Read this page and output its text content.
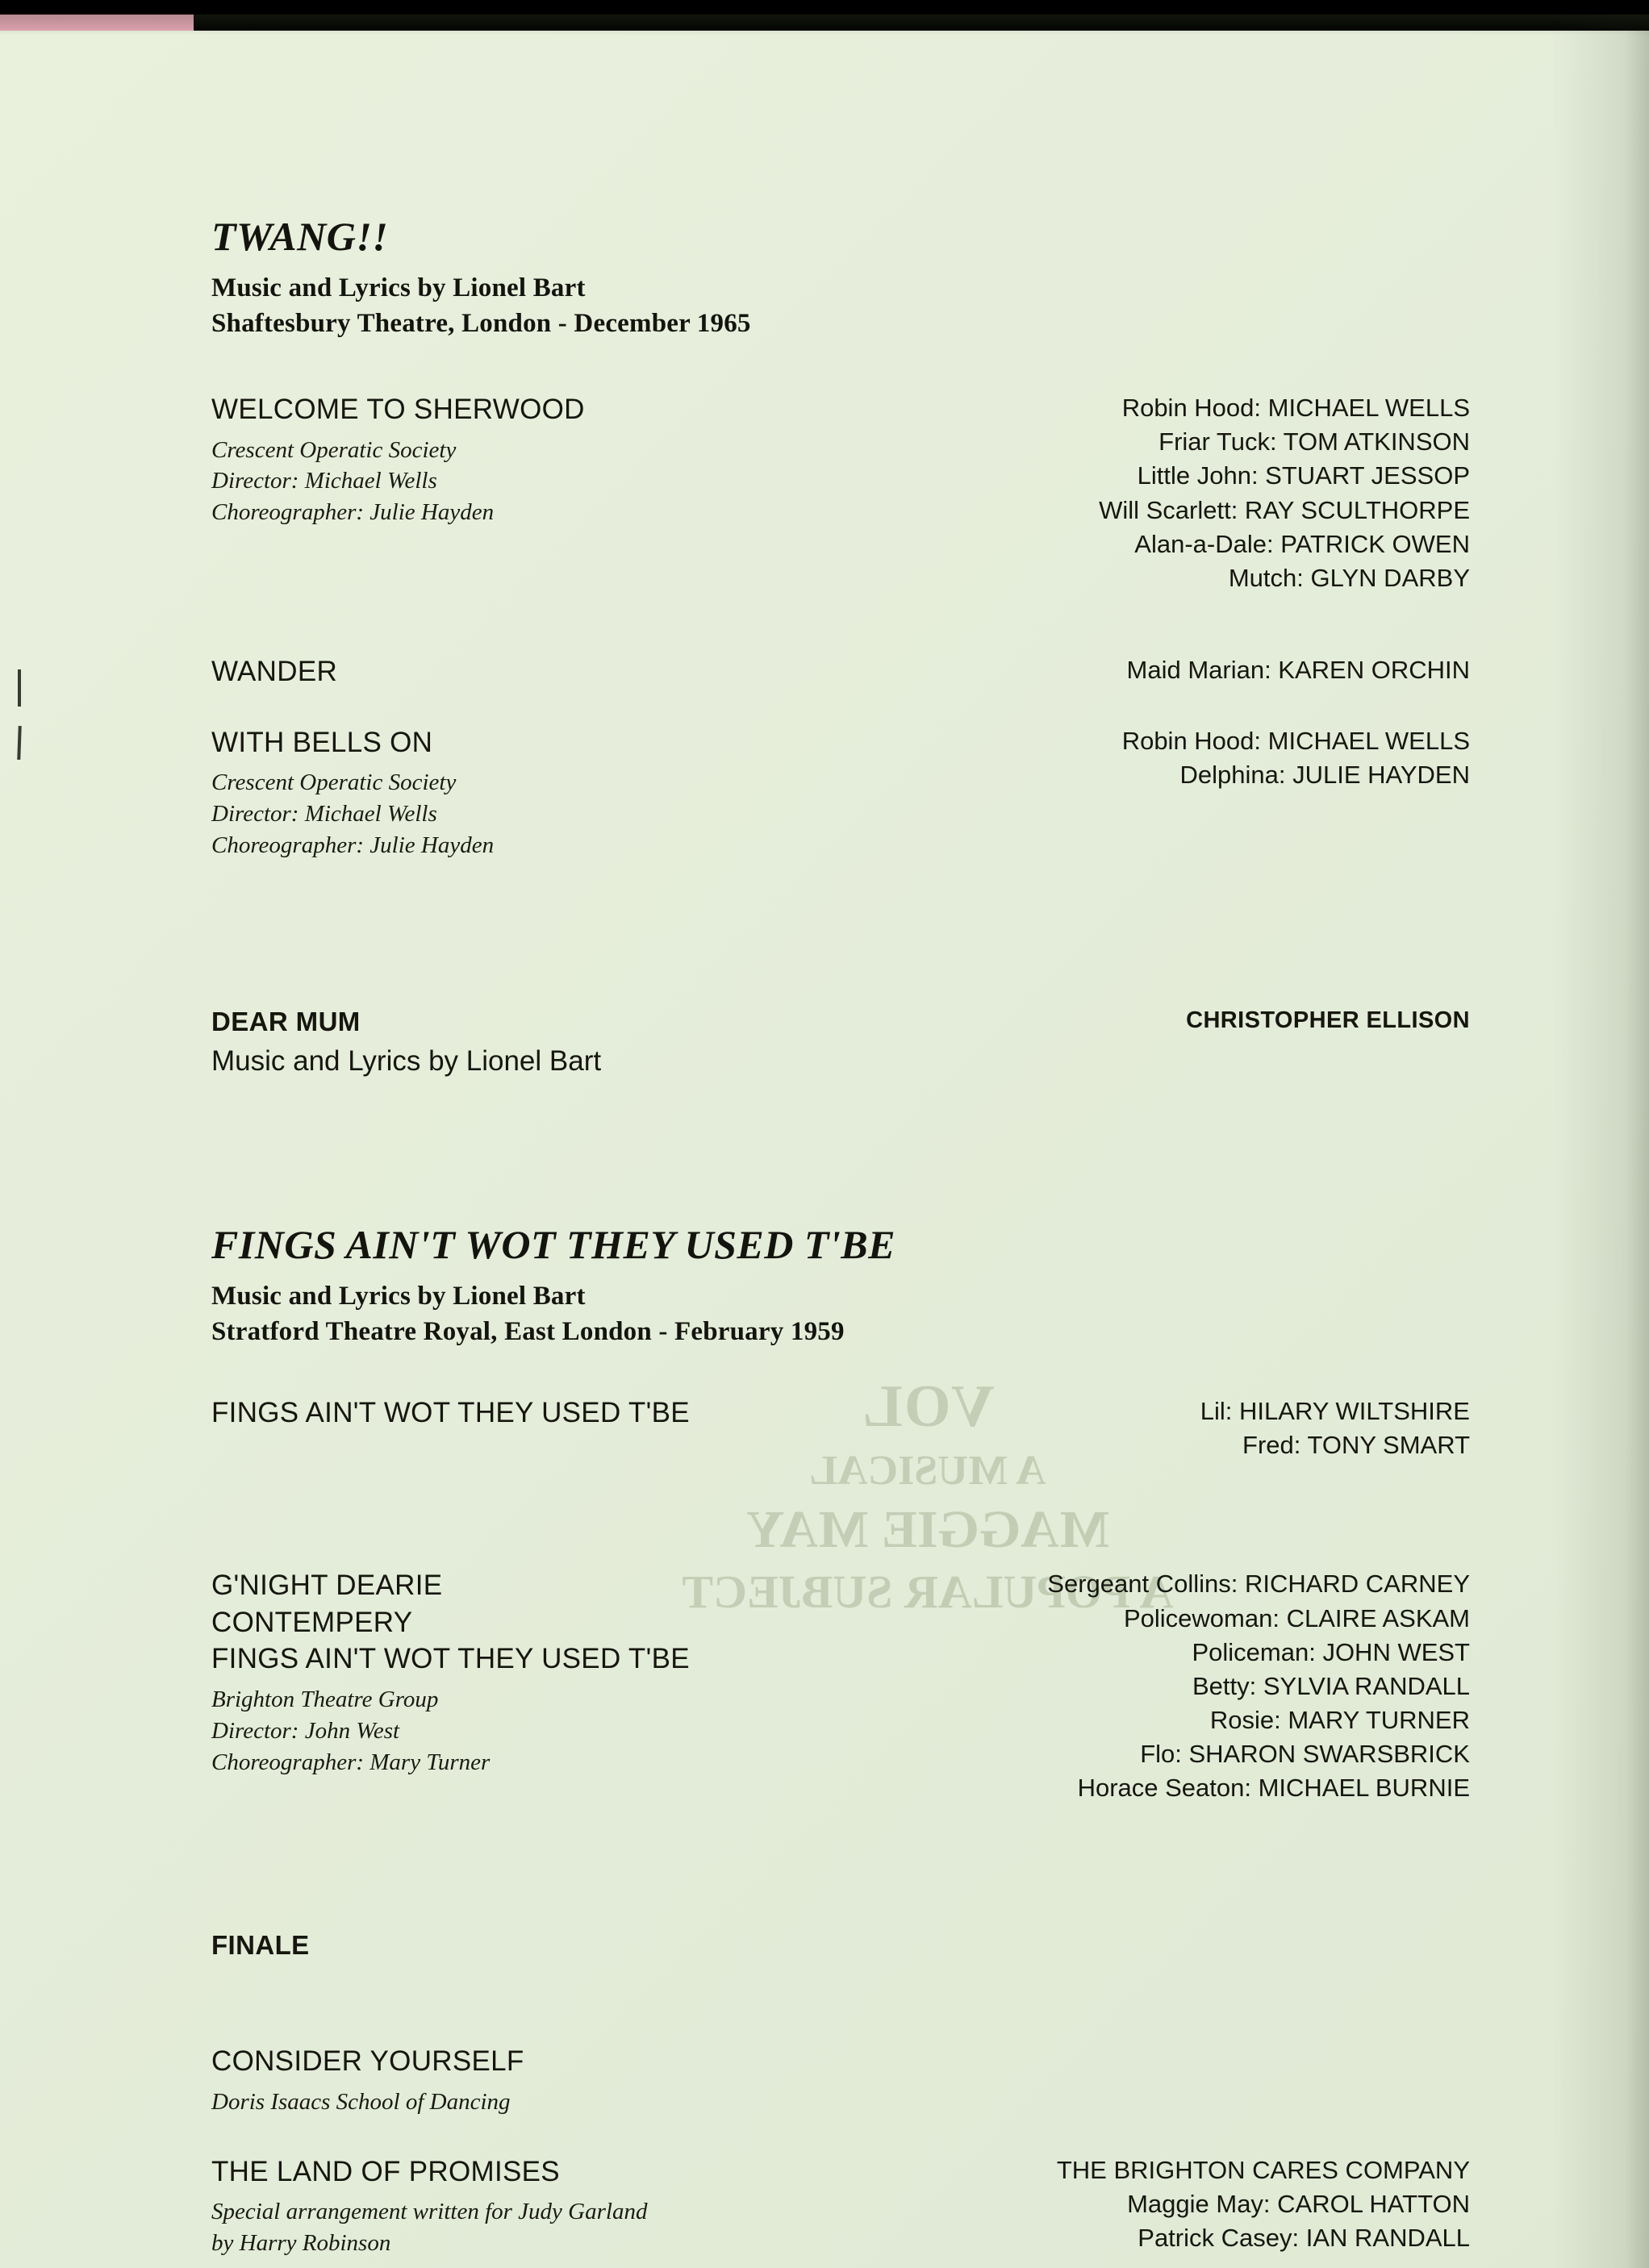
VOL
A MUSICAL
MAGGIE MAY
A POPULAR SUBJECT
TWANG!!
Music and Lyrics by Lionel Bart
Shaftesbury Theatre, London - December 1965
WELCOME TO SHERWOOD
Crescent Operatic Society
Director: Michael Wells
Choreographer: Julie Hayden
Robin Hood: MICHAEL WELLS
Friar Tuck: TOM ATKINSON
Little John: STUART JESSOP
Will Scarlett: RAY SCULTHORPE
Alan-a-Dale: PATRICK OWEN
Mutch: GLYN DARBY
WANDER	Maid Marian: KAREN ORCHIN
WITH BELLS ON
Crescent Operatic Society
Director: Michael Wells
Choreographer: Julie Hayden
Robin Hood: MICHAEL WELLS
Delphina: JULIE HAYDEN
DEAR MUM
Music and Lyrics by Lionel Bart
CHRISTOPHER ELLISON
FINGS AIN'T WOT THEY USED T'BE
Music and Lyrics by Lionel Bart
Stratford Theatre Royal, East London - February 1959
FINGS AIN'T WOT THEY USED T'BE	Lil: HILARY WILTSHIRE
Fred: TONY SMART
G'NIGHT DEARIE
CONTEMPERY
FINGS AIN'T WOT THEY USED T'BE
Brighton Theatre Group
Director: John West
Choreographer: Mary Turner
Sergeant Collins: RICHARD CARNEY
Policewoman: CLAIRE ASKAM
Policeman: JOHN WEST
Betty: SYLVIA RANDALL
Rosie: MARY TURNER
Flo: SHARON SWARSBRICK
Horace Seaton: MICHAEL BURNIE
FINALE
CONSIDER YOURSELF
Doris Isaacs School of Dancing
THE LAND OF PROMISES
Special arrangement written for Judy Garland
by Harry Robinson
THE BRIGHTON CARES COMPANY
Maggie May: CAROL HATTON
Patrick Casey: IAN RANDALL
